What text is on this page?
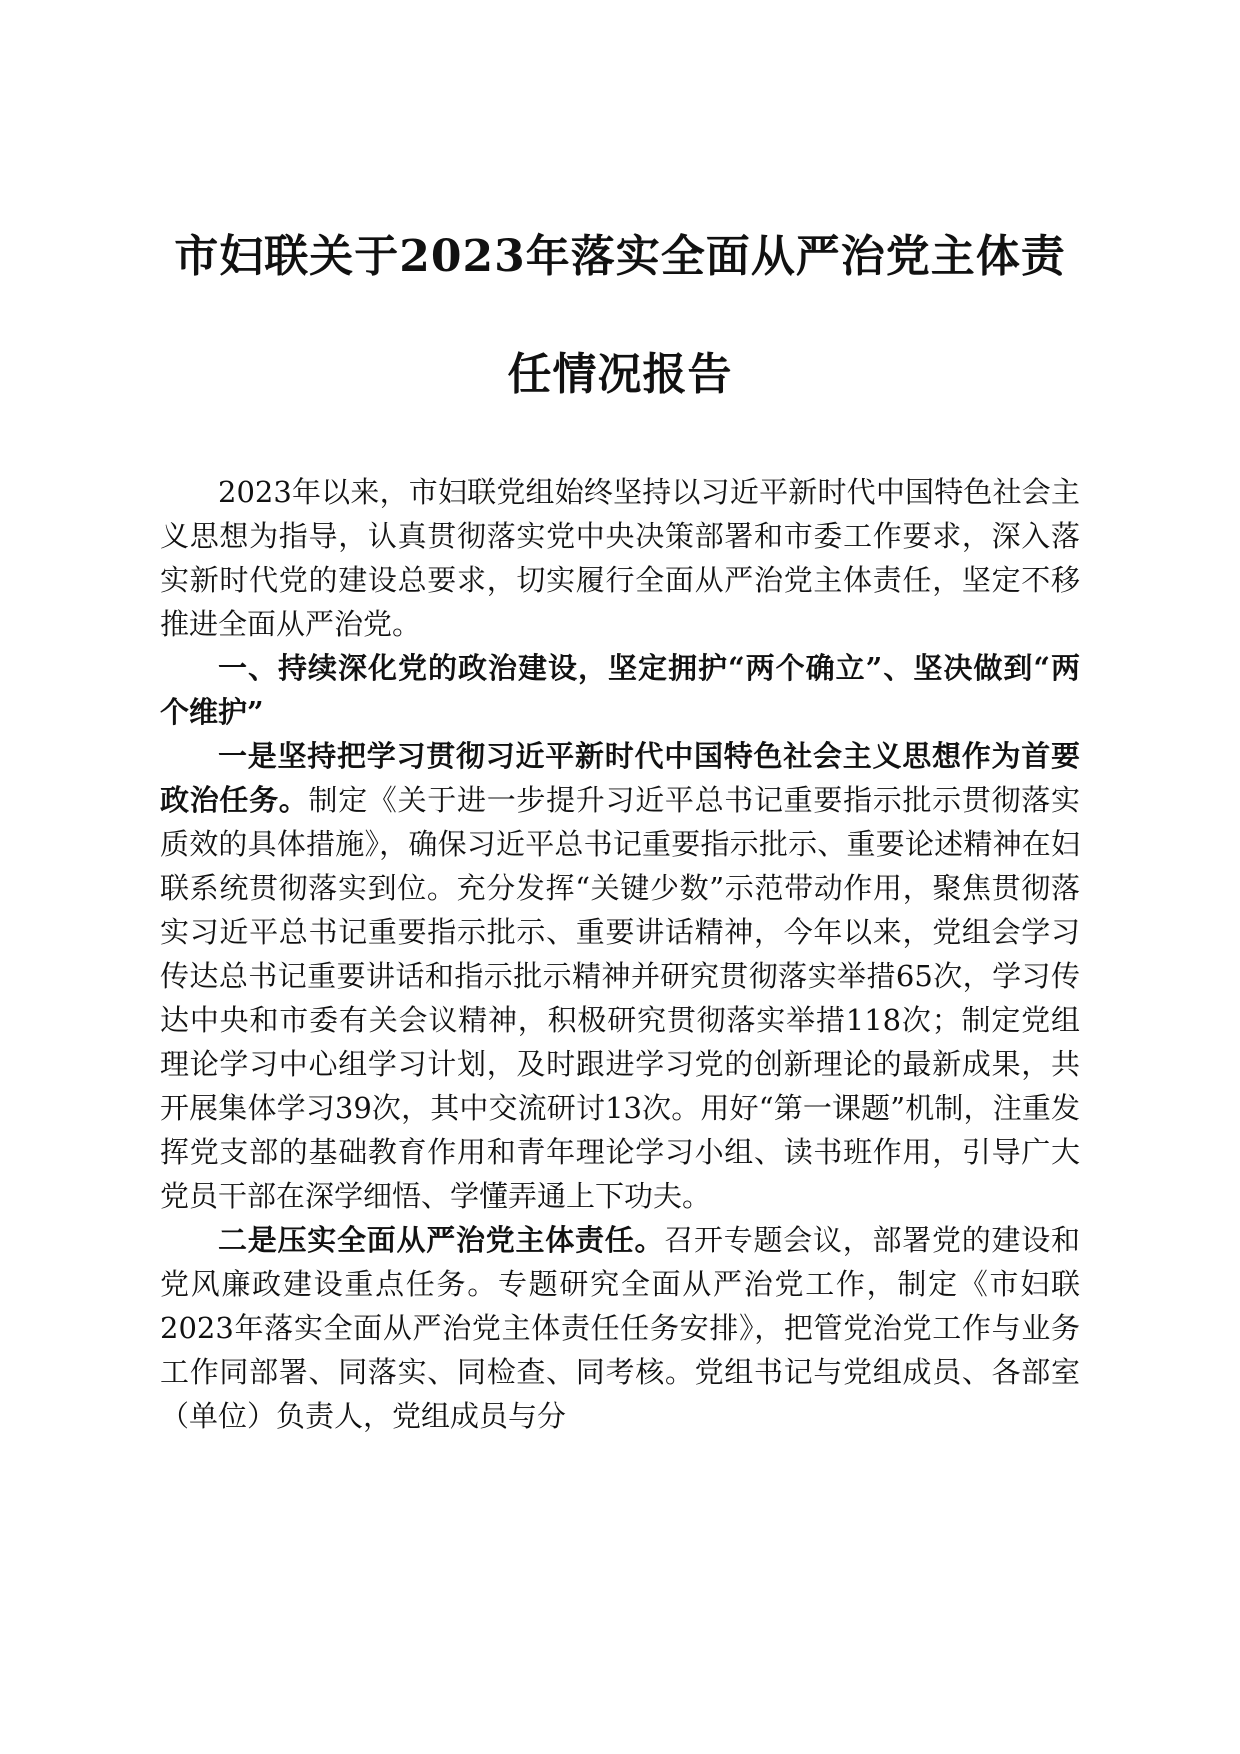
市妇联关于2023年落实全面从严治党主体责
任情况报告

2023年以来，市妇联党组始终坚持以习近平新时代中国特色社会主义思想为指导，认真贯彻落实党中央决策部署和市委工作要求，深入落实新时代党的建设总要求，切实履行全面从严治党主体责任，坚定不移推进全面从严治党。

一、持续深化党的政治建设，坚定拥护“两个确立”、坚决做到“两个维护”

一是坚持把学习贯彻习近平新时代中国特色社会主义思想作为首要政治任务。制定《关于进一步提升习近平总书记重要指示批示贯彻落实质效的具体措施》，确保习近平总书记重要指示批示、重要论述精神在妇联系统贯彻落实到位。充分发挥“关键少数”示范带动作用，聚焦贯彻落实习近平总书记重要指示批示、重要讲话精神，今年以来，党组会学习传达总书记重要讲话和指示批示精神并研究贯彻落实举措65次，学习传达中央和市委有关会议精神，积极研究贯彻落实举措118次；制定党组理论学习中心组学习计划，及时跟进学习党的创新理论的最新成果，共开展集体学习39次，其中交流研讨13次。用好“第一课题”机制，注重发挥党支部的基础教育作用和青年理论学习小组、读书班作用，引导广大党员干部在深学细悟、学懂弄通上下功夫。

二是压实全面从严治党主体责任。召开专题会议，部署党的建设和党风廉政建设重点任务。专题研究全面从严治党工作，制定《市妇联2023年落实全面从严治党主体责任任务安排》，把管党治党工作与业务工作同部署、同落实、同检查、同考核。党组书记与党组成员、各部室（单位）负责人，党组成员与分
